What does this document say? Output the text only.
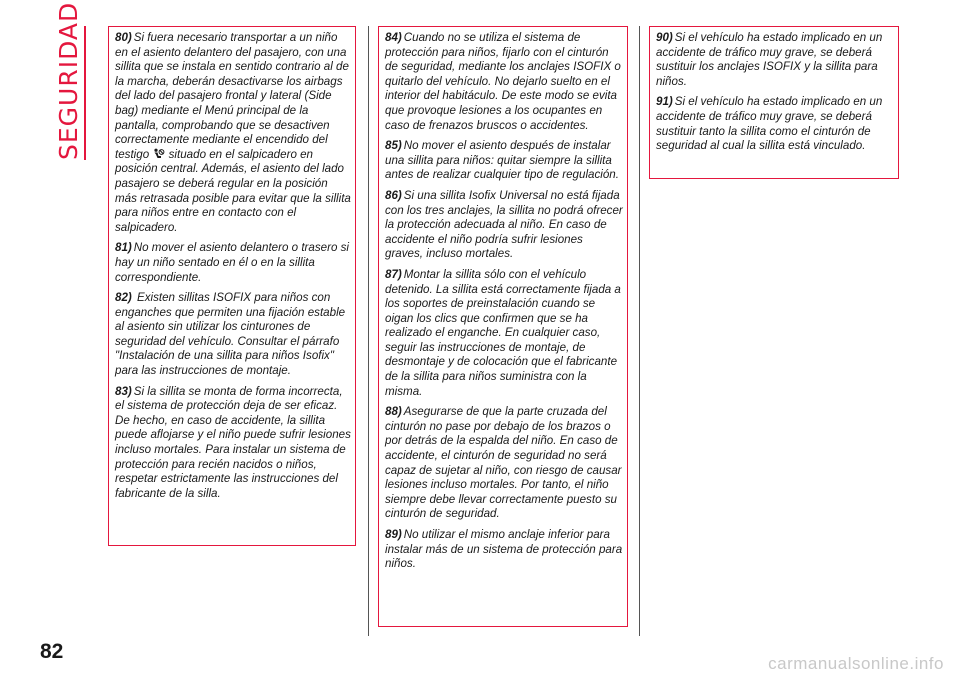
SEGURIDAD	80) Si fuera necesario transportar a un niño en el asiento delantero del pasajero, con una sillita que se instala en sentido contrario al de la marcha, deberán desactivarse los airbags del lado del pasajero frontal y lateral (Side bag) mediante el Menú principal de la pantalla, comprobando que se desactiven correctamente mediante el encendido del testigo  situado en el salpicadero en posición central. Además, el asiento del lado pasajero se deberá regular en la posición más retrasada posible para evitar que la sillita para niños entre en contacto con el salpicadero.

81) No mover el asiento delantero o trasero si hay un niño sentado en él o en la sillita correspondiente.

82) Existen sillitas ISOFIX para niños con enganches que permiten una fijación estable al asiento sin utilizar los cinturones de seguridad del vehículo. Consultar el párrafo "Instalación de una sillita para niños Isofix" para las instrucciones de montaje.

83) Si la sillita se monta de forma incorrecta, el sistema de protección deja de ser eficaz. De hecho, en caso de accidente, la sillita puede aflojarse y el niño puede sufrir lesiones incluso mortales. Para instalar un sistema de protección para recién nacidos o niños, respetar estrictamente las instrucciones del fabricante de la silla.

84) Cuando no se utiliza el sistema de protección para niños, fijarlo con el cinturón de seguridad, mediante los anclajes ISOFIX o quitarlo del vehículo. No dejarlo suelto en el interior del habitáculo. De este modo se evita que provoque lesiones a los ocupantes en caso de frenazos bruscos o accidentes.

85) No mover el asiento después de instalar una sillita para niños: quitar siempre la sillita antes de realizar cualquier tipo de regulación.

86) Si una sillita Isofix Universal no está fijada con los tres anclajes, la sillita no podrá ofrecer la protección adecuada al niño. En caso de accidente el niño podría sufrir lesiones graves, incluso mortales.

87) Montar la sillita sólo con el vehículo detenido. La sillita está correctamente fijada a los soportes de preinstalación cuando se oigan los clics que confirmen que se ha realizado el enganche. En cualquier caso, seguir las instrucciones de montaje, de desmontaje y de colocación que el fabricante de la sillita para niños suministra con la misma.

88) Asegurarse de que la parte cruzada del cinturón no pase por debajo de los brazos o por detrás de la espalda del niño. En caso de accidente, el cinturón de seguridad no será capaz de sujetar al niño, con riesgo de causar lesiones incluso mortales. Por tanto, el niño siempre debe llevar correctamente puesto su cinturón de seguridad.

89) No utilizar el mismo anclaje inferior para instalar más de un sistema de protección para niños.

90) Si el vehículo ha estado implicado en un accidente de tráfico muy grave, se deberá sustituir los anclajes ISOFIX y la sillita para niños.

91) Si el vehículo ha estado implicado en un accidente de tráfico muy grave, se deberá sustituir tanto la sillita como el cinturón de seguridad al cual la sillita está vinculado.

82
carmanualsonline.info
